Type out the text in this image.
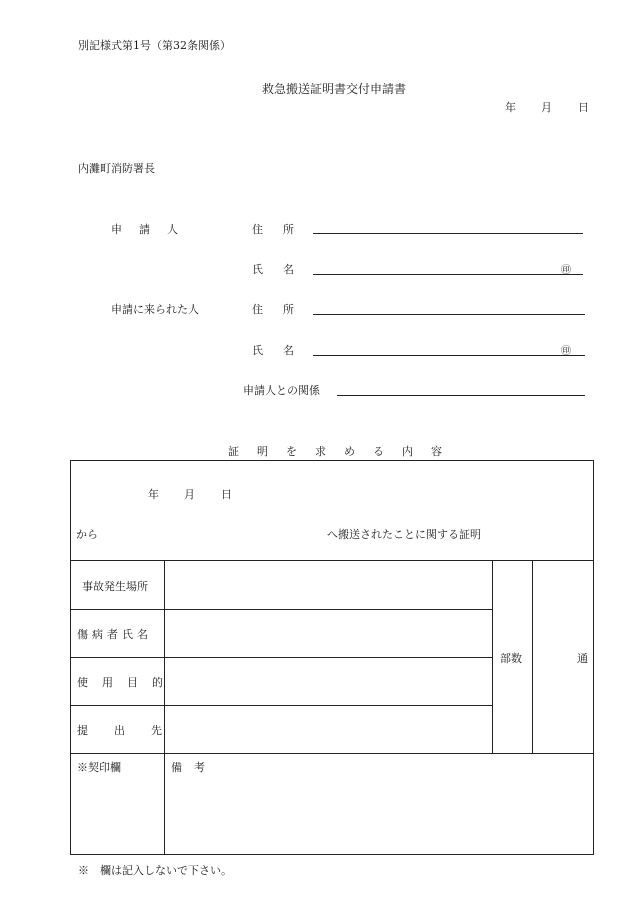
別記様式第1号（第32条関係）
救急搬送証明書交付申請書
年 月 日
内灘町消防署長
申請人	住所
氏名	㊞
申請に来られた人	住所
氏名	㊞
申請人との関係
証明を求める内容
年 月 日
から	へ搬送されたことに関する証明
事故発生場所
傷病者氏名
使用目的
提出先
部数	通
※契印欄	備考
※　欄は記入しないで下さい。
